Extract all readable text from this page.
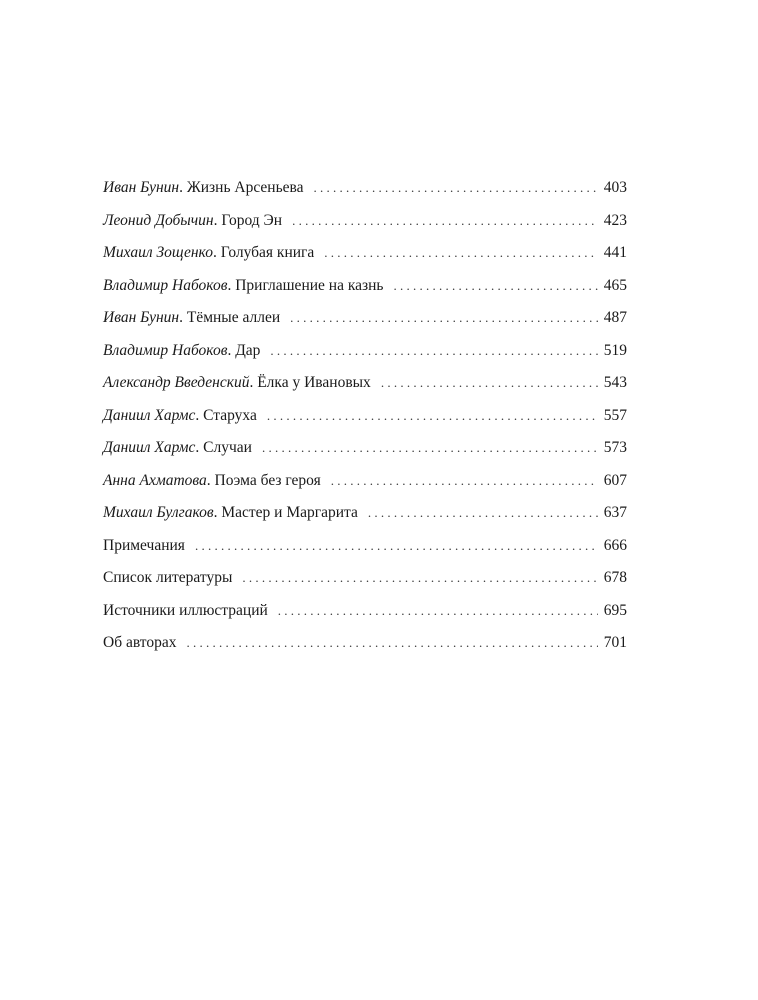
Иван Бунин. Жизнь Арсеньева . . .	403
Леонид Добычин. Город Эн . . .	423
Михаил Зощенко. Голубая книга . . .	441
Владимир Набоков. Приглашение на казнь . . .	465
Иван Бунин. Тёмные аллеи . . .	487
Владимир Набоков. Дар . . .	519
Александр Введенский. Ёлка у Ивановых . . .	543
Даниил Хармс. Старуха . . .	557
Даниил Хармс. Случаи . . .	573
Анна Ахматова. Поэма без героя . . .	607
Михаил Булгаков. Мастер и Маргарита . . .	637
Примечания . . .	666
Список литературы . . .	678
Источники иллюстраций . . .	695
Об авторах . . .	701
